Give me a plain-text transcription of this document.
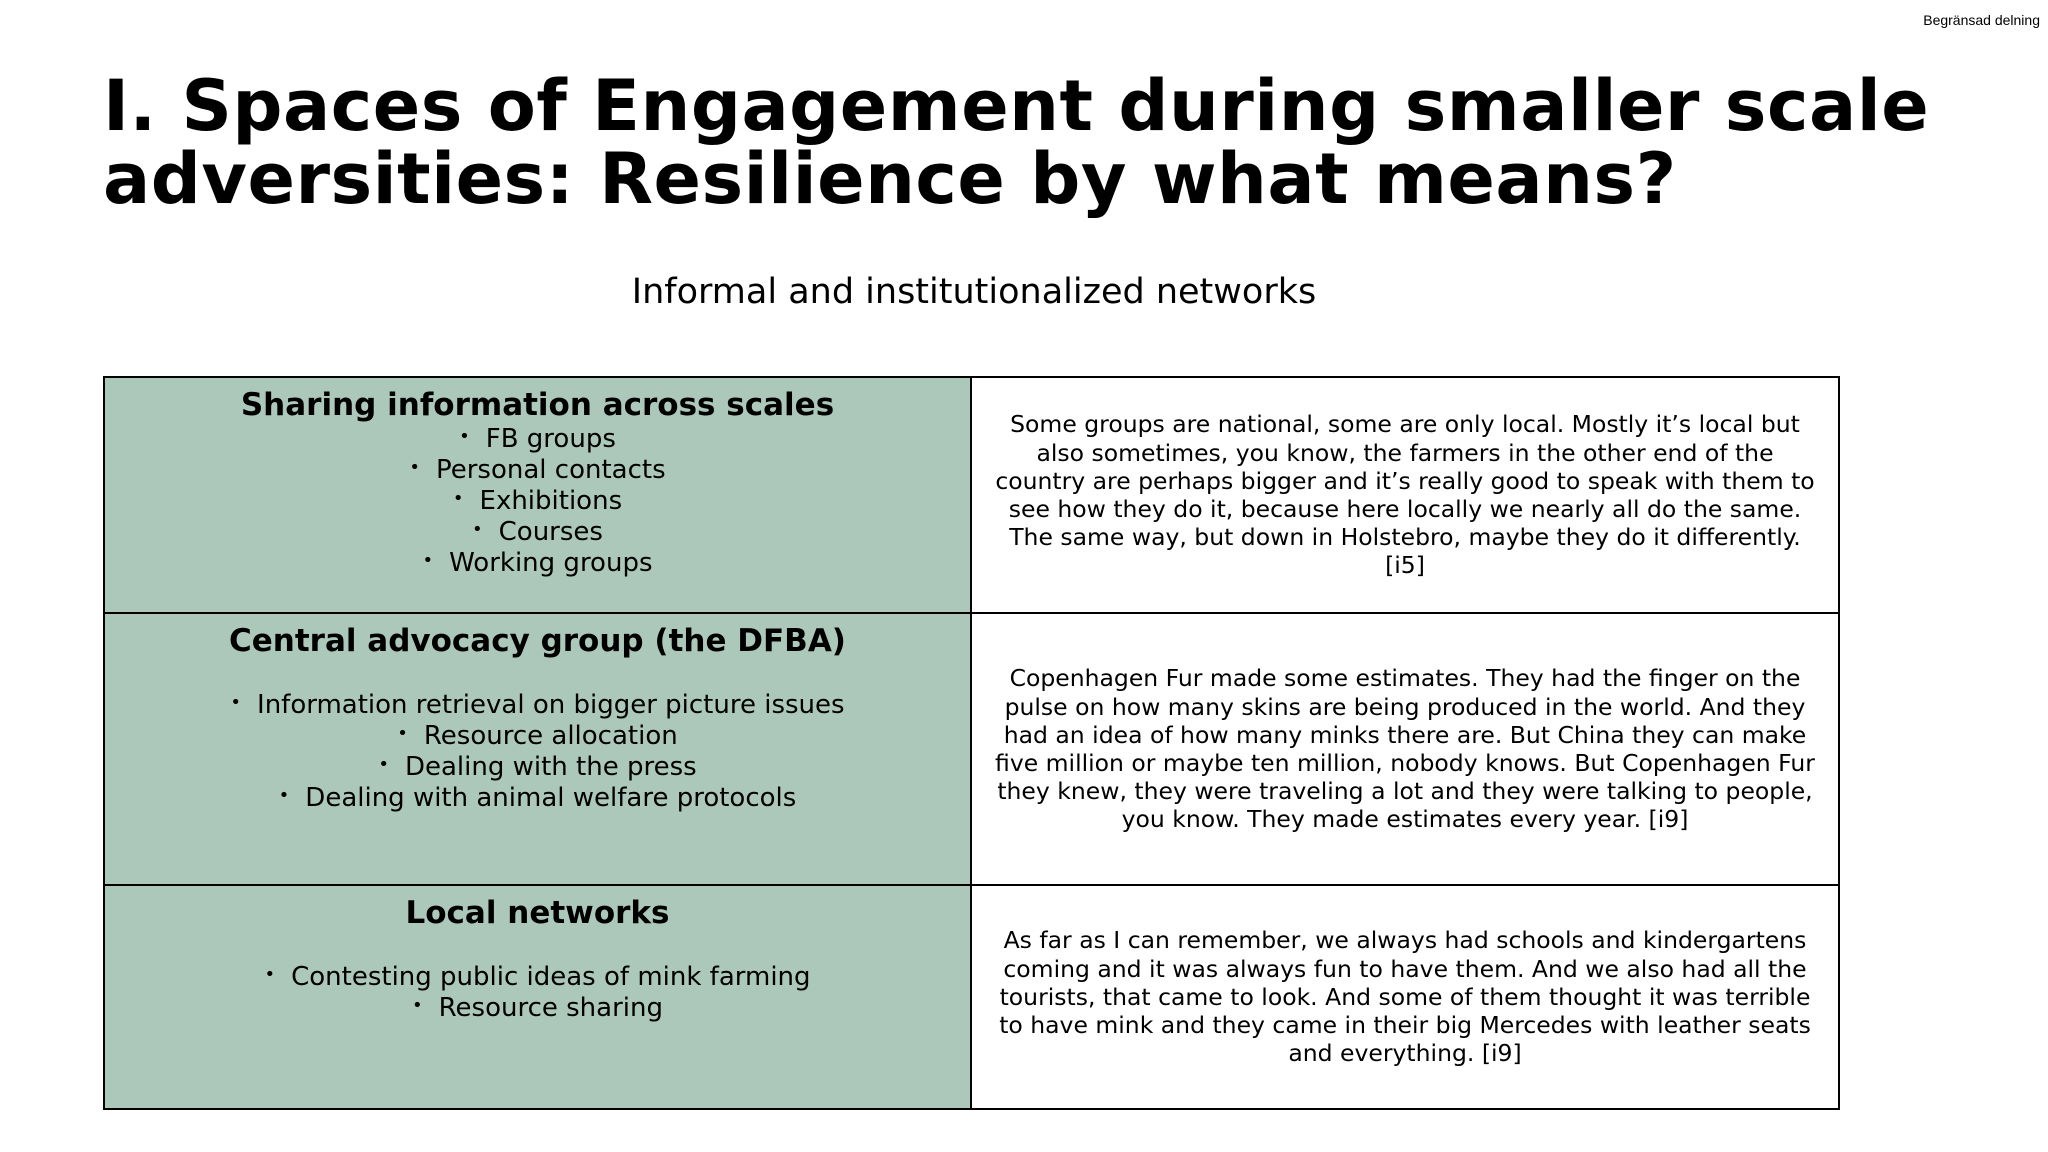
Begränsad delning
I. Spaces of Engagement during smaller scale adversities: Resilience by what means?
Informal and institutionalized networks
Sharing information across scales
• FB groups
• Personal contacts
• Exhibitions
• Courses
• Working groups

Some groups are national, some are only local. Mostly it’s local but also sometimes, you know, the farmers in the other end of the country are perhaps bigger and it’s really good to speak with them to see how they do it, because here locally we nearly all do the same. The same way, but down in Holstebro, maybe they do it differently. [i5]

Central advocacy group (the DFBA)
• Information retrieval on bigger picture issues
• Resource allocation
• Dealing with the press
• Dealing with animal welfare protocols

Copenhagen Fur made some estimates. They had the finger on the pulse on how many skins are being produced in the world. And they had an idea of how many minks there are. But China they can make five million or maybe ten million, nobody knows. But Copenhagen Fur they knew, they were traveling a lot and they were talking to people, you know. They made estimates every year. [i9]

Local networks
• Contesting public ideas of mink farming
• Resource sharing

As far as I can remember, we always had schools and kindergartens coming and it was always fun to have them. And we also had all the tourists, that came to look. And some of them thought it was terrible to have mink and they came in their big Mercedes with leather seats and everything. [i9]
